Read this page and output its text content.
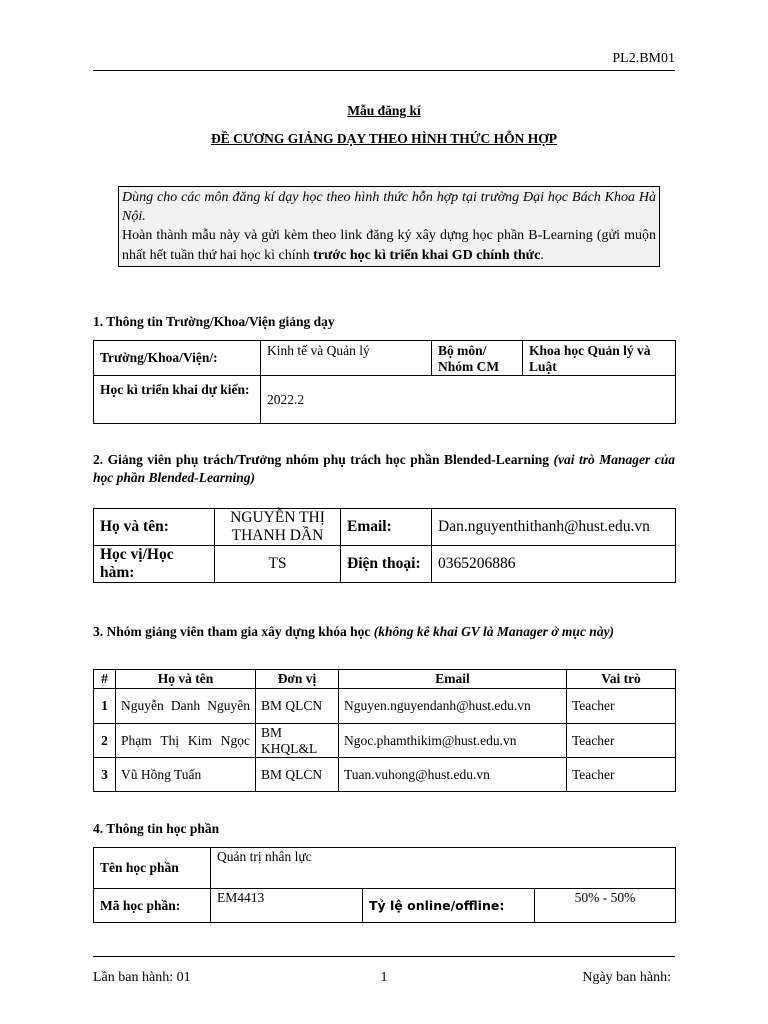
PL2.BM01
Mẫu đăng kí
ĐỀ CƯƠNG GIẢNG DẠY THEO HÌNH THỨC HỖN HỢP
Dùng cho các môn đăng kí dạy học theo hình thức hỗn hợp tại trường Đại học Bách Khoa Hà Nội.
Hoàn thành mẫu này và gửi kèm theo link đăng ký xây dựng học phần B-Learning (gửi muộn nhất hết tuần thứ hai học kì chính trước học kì triển khai GD chính thức.
1. Thông tin Trường/Khoa/Viện giảng dạy
Trường/Khoa/Viện/:	Kinh tế và Quản lý	Bộ môn/ Nhóm CM	Khoa học Quản lý và Luật
Học kì triển khai dự kiến:	2022.2		
2. Giảng viên phụ trách/Trưởng nhóm phụ trách học phần Blended-Learning (vai trò Manager của học phần Blended-Learning)
Họ và tên:	NGUYỄN THỊ THANH DẦN	Email:	Dan.nguyenthithanh@hust.edu.vn
Học vị/Học hàm:	TS	Điện thoại:	0365206886
3. Nhóm giảng viên tham gia xây dựng khóa học (không kê khai GV là Manager ở mục này)
#	Họ và tên	Đơn vị	Email	Vai trò
1	Nguyễn Danh Nguyên	BM QLCN	Nguyen.nguyendanh@hust.edu.vn	Teacher
2	Phạm Thị Kim Ngọc	BM KHQL&L	Ngoc.phamthikim@hust.edu.vn	Teacher
3	Vũ Hồng Tuấn	BM QLCN	Tuan.vuhong@hust.edu.vn	Teacher
4. Thông tin học phần
Tên học phần	Quản trị nhân lực		
Mã học phần:	EM4413	Tỷ lệ online/offline:	50% - 50%
Lần ban hành: 01	1	Ngày ban hành:
